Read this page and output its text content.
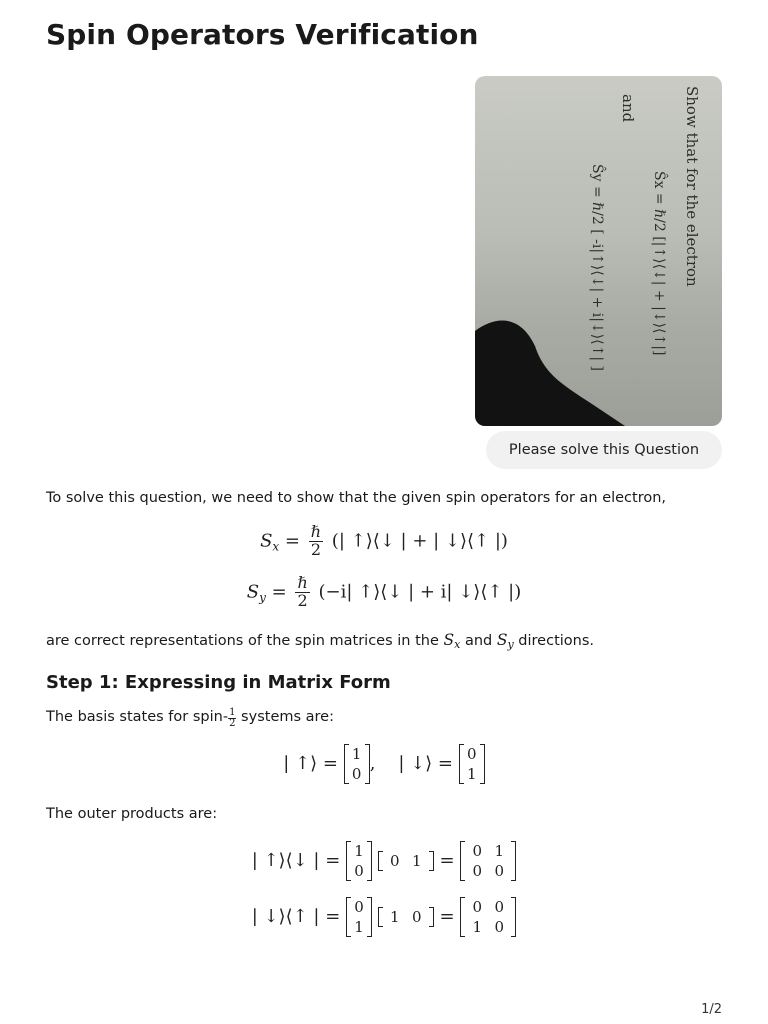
Spin Operators Verification
Show that for the electron
Ŝx = ℏ/2 [|↑⟩⟨↓| + |↓⟩⟨↑|]
and
Ŝy = ℏ/2 [ -i|↑⟩⟨↓| + i|↓⟩⟨↑| ]
Please solve this Question

To solve this question, we need to show that the given spin operators for an electron,

$S_x = \frac{\text{ℏ}}{2}$ (| ↑⟩⟨↓ | + | ↓⟩⟨↑ |)
$S_y = \frac{\text{ℏ}}{2} (-i|$ ↑⟩⟨↓ | + i| ↓⟩⟨↑ |)

are correct representations of the spin matrices in the Sx and Sy directions.

Step 1: Expressing in Matrix Form

The basis states for spin- $\frac{1}{2}$ systems are:

| ↑⟩ = 1
0 , | ↓⟩ = 0
1

The outer products are:

| ↑⟩⟨↓ | = 1
0

0 1 =	0 1
0 0
| ↓⟩⟨↑ | = 0
1

1 0 =	0 0
1 0
1/2
